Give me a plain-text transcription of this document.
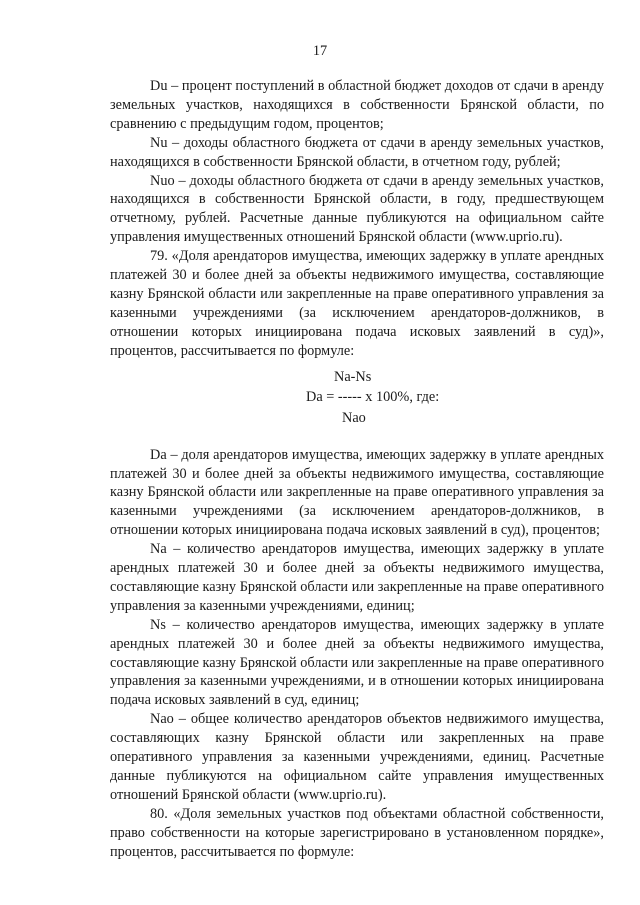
17

Du – процент поступлений в областной бюджет доходов от сдачи в аренду земельных участков, находящихся в собственности Брянской области, по сравнению с предыдущим годом, процентов;

Nu – доходы областного бюджета от сдачи в аренду земельных участков, находящихся в собственности Брянской области, в отчетном году, рублей;

Nuo – доходы областного бюджета от сдачи в аренду земельных участков, находящихся в собственности Брянской области, в году, предшествующем отчетному, рублей. Расчетные данные публикуются на официальном сайте управления имущественных отношений Брянской области (www.uprio.ru).

79. «Доля арендаторов имущества, имеющих задержку в уплате арендных платежей 30 и более дней за объекты недвижимого имущества, составляющие казну Брянской области или закрепленные на праве оперативного управления за казенными учреждениями (за исключением арендаторов-должников, в отношении которых инициирована подача исковых заявлений в суд)», процентов, рассчитывается по формуле:

Na-Ns
Da = ----- х 100%, где:
Nao

Da – доля арендаторов имущества, имеющих задержку в уплате арендных платежей 30 и более дней за объекты недвижимого имущества, составляющие казну Брянской области или закрепленные на праве оперативного управления за казенными учреждениями (за исключением арендаторов-должников, в отношении которых инициирована подача исковых заявлений в суд), процентов;

Na – количество арендаторов имущества, имеющих задержку в уплате арендных платежей 30 и более дней за объекты недвижимого имущества, составляющие казну Брянской области или закрепленные на праве оперативного управления за казенными учреждениями, единиц;

Ns – количество арендаторов имущества, имеющих задержку в уплате арендных платежей 30 и более дней за объекты недвижимого имущества, составляющие казну Брянской области или закрепленные на праве оперативного управления за казенными учреждениями, и в отношении которых инициирована подача исковых заявлений в суд, единиц;

Nao – общее количество арендаторов объектов недвижимого имущества, составляющих казну Брянской области или закрепленных на праве оперативного управления за казенными учреждениями, единиц. Расчетные данные публикуются на официальном сайте управления имущественных отношений Брянской области (www.uprio.ru).

80. «Доля земельных участков под объектами областной собственности, право собственности на которые зарегистрировано в установленном порядке», процентов, рассчитывается по формуле:
